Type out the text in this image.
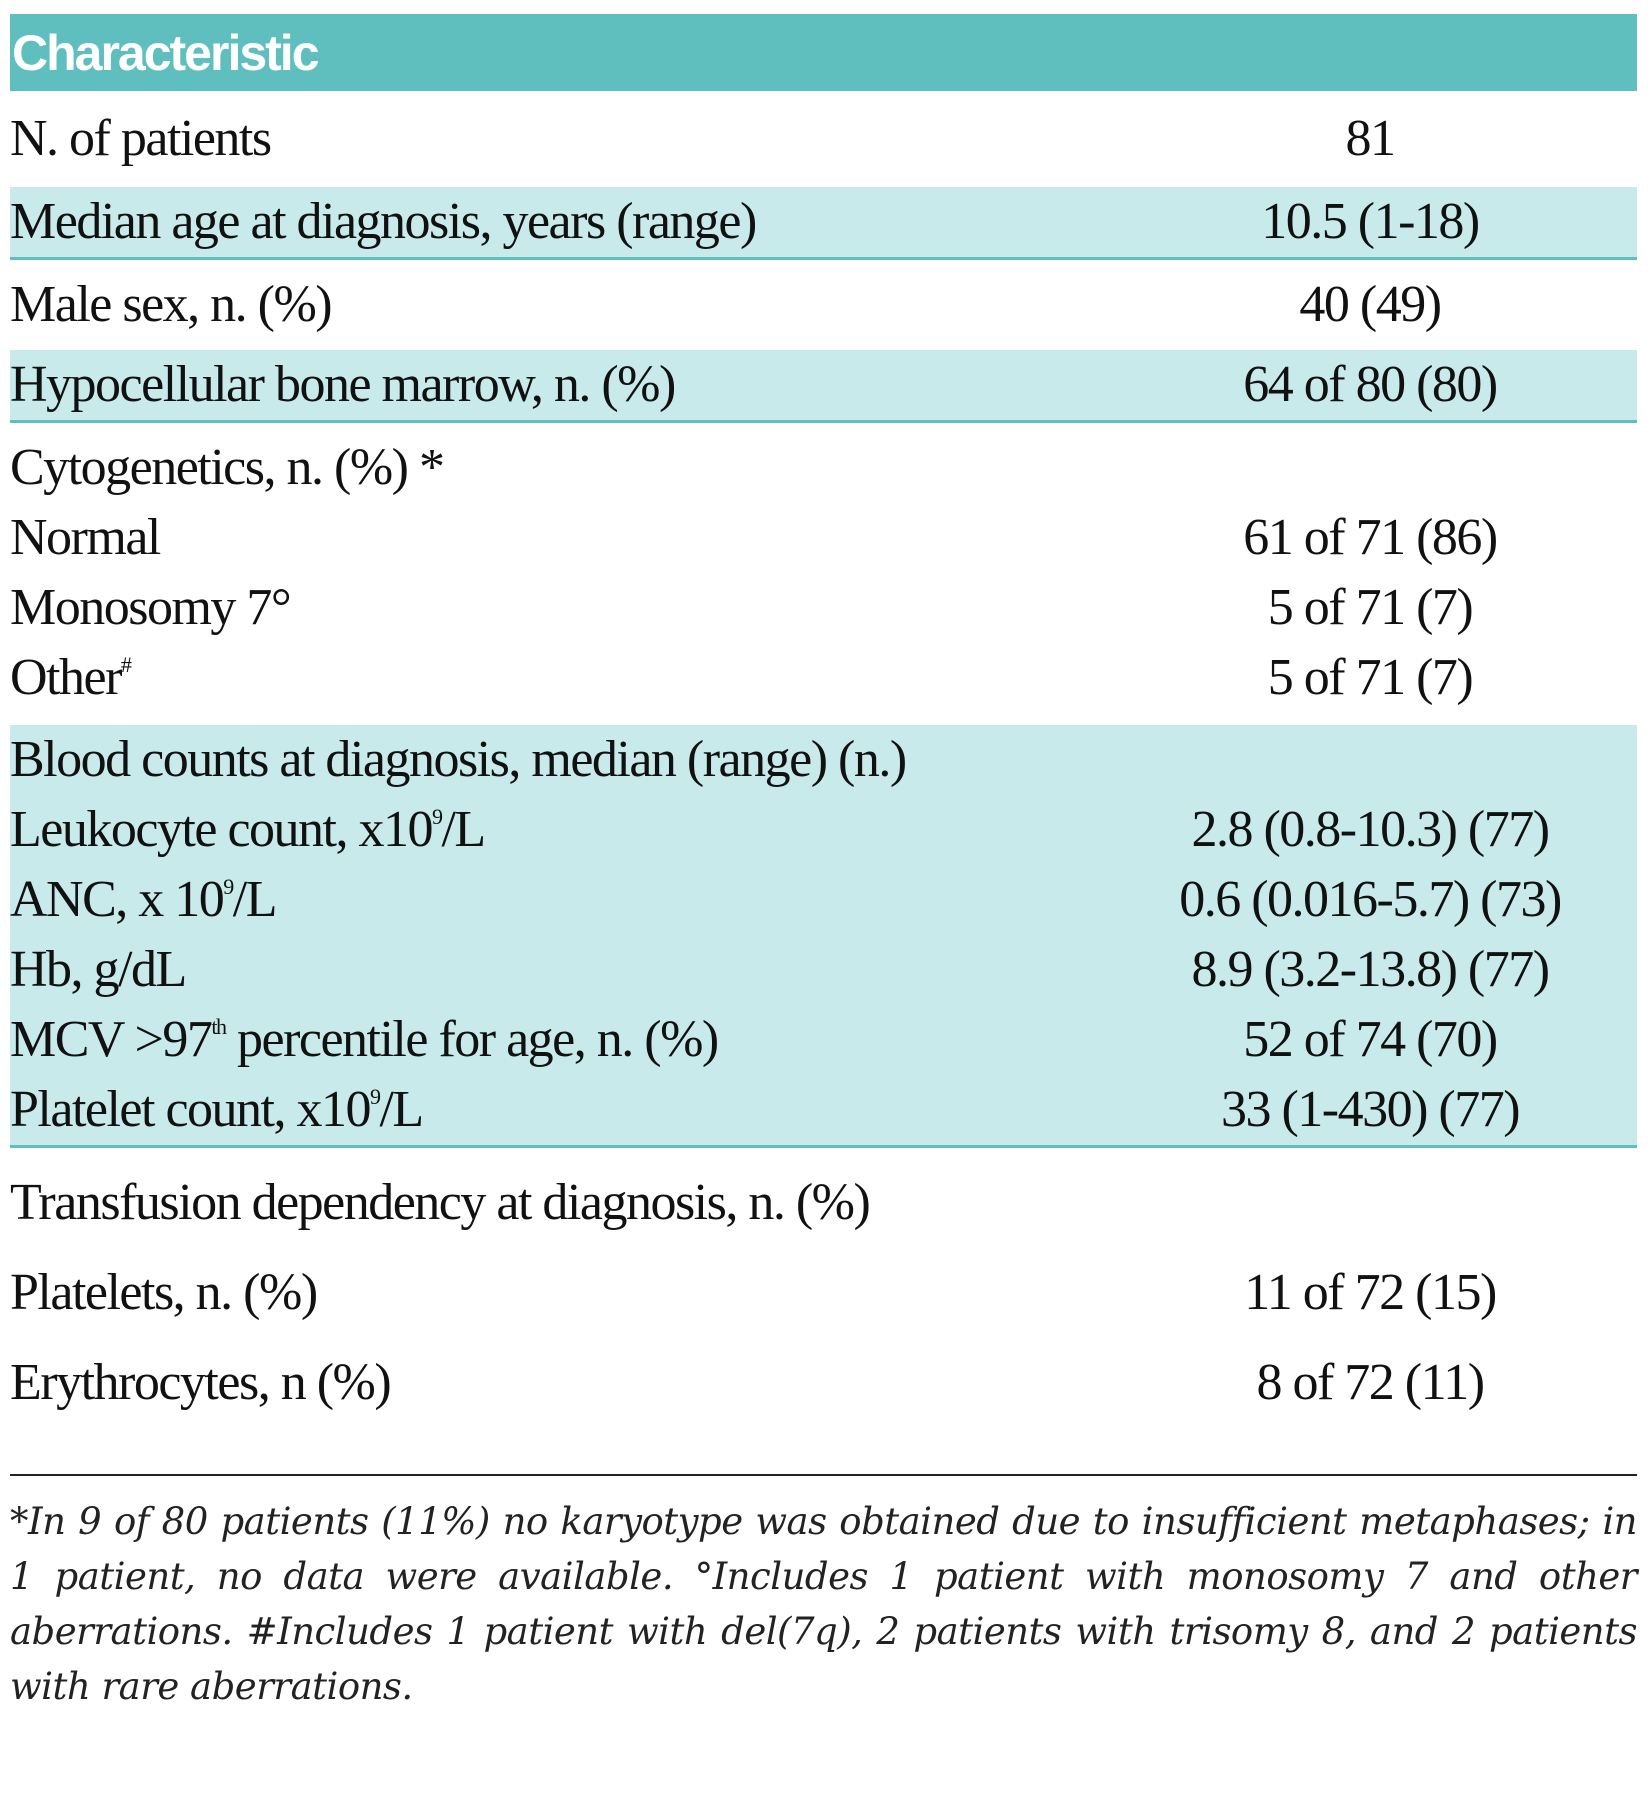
Characteristic
N. of patients	81
Median age at diagnosis, years (range)	10.5 (1-18)
Male sex, n. (%)	40 (49)
Hypocellular bone marrow, n. (%)	64 of 80 (80)
Cytogenetics, n. (%) *
Normal	61 of 71 (86)
Monosomy 7°	5 of 71 (7)
Other#	5 of 71 (7)
Blood counts at diagnosis, median (range) (n.)
Leukocyte count, $x10^9/L$	2.8 (0.8-10.3) (77)
ANC, x $10^9/L$	0.6 (0.016-5.7) (73)
Hb, g/dL	8.9 (3.2-13.8) (77)
MCV >97th percentile for age, n. (%)	52 of 74 (70)
Platelet count, $x10^9/L$	33 (1-430) (77)
Transfusion dependency at diagnosis, n. (%)
Platelets, n. (%)	11 of 72 (15)
Erythrocytes, n (%)	8 of 72 (11)
*In 9 of 80 patients (11%) no karyotype was obtained due to insufficient metaphases; in 1 patient, no data were available. °Includes 1 patient with monosomy 7 and other aberrations. #Includes 1 patient with del(7q), 2 patients with trisomy 8, and 2 patients with rare aberrations.
